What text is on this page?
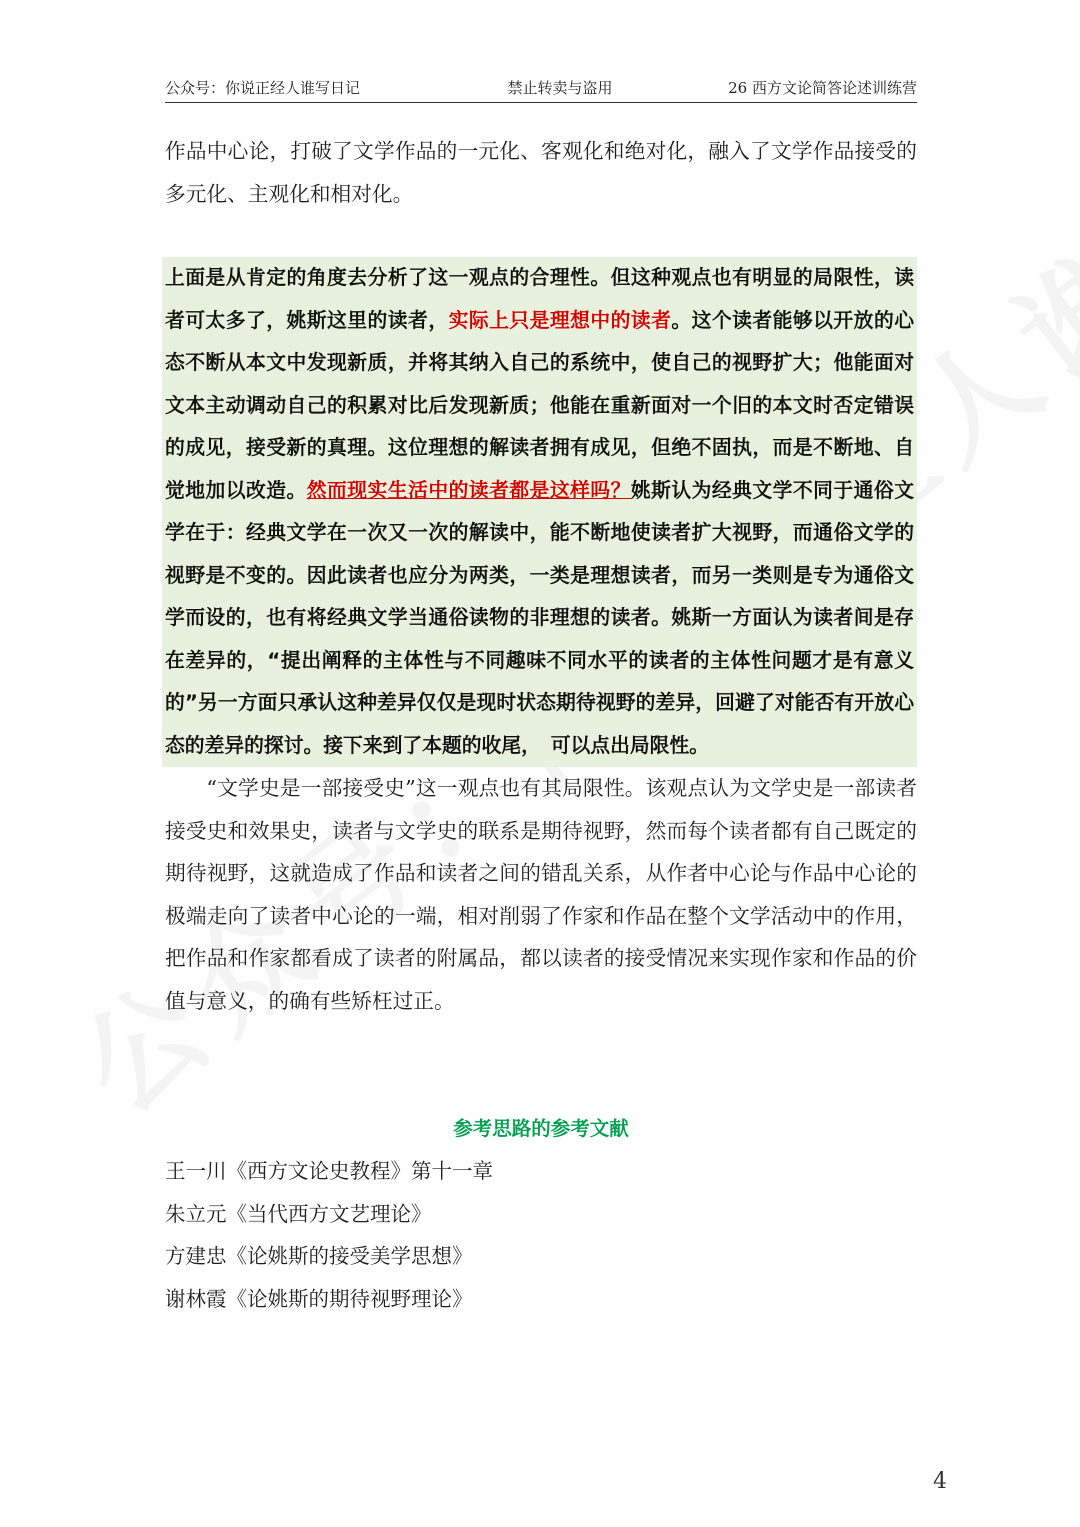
公众号：你说正经人谁写日记	禁止转卖与盗用	26 西方文论简答论述训练营

作品中心论，打破了文学作品的一元化、客观化和绝对化，融入了文学作品接受的多元化、主观化和相对化。

上面是从肯定的角度去分析了这一观点的合理性。但这种观点也有明显的局限性，读者可太多了，姚斯这里的读者，实际上只是理想中的读者。这个读者能够以开放的心态不断从本文中发现新质，并将其纳入自己的系统中，使自己的视野扩大；他能面对文本主动调动自己的积累对比后发现新质；他能在重新面对一个旧的本文时否定错误的成见，接受新的真理。这位理想的解读者拥有成见，但绝不固执，而是不断地、自觉地加以改造。然而现实生活中的读者都是这样吗？姚斯认为经典文学不同于通俗文学在于：经典文学在一次又一次的解读中，能不断地使读者扩大视野，而通俗文学的视野是不变的。因此读者也应分为两类，一类是理想读者，而另一类则是专为通俗文学而设的，也有将经典文学当通俗读物的非理想的读者。姚斯一方面认为读者间是存在差异的，“提出阐释的主体性与不同趣味不同水平的读者的主体性问题才是有意义的”另一方面只承认这种差异仅仅是现时状态期待视野的差异，回避了对能否有开放心态的差异的探讨。接下来到了本题的收尾，　可以点出局限性。

“文学史是一部接受史”这一观点也有其局限性。该观点认为文学史是一部读者接受史和效果史，读者与文学史的联系是期待视野，然而每个读者都有自己既定的期待视野，这就造成了作品和读者之间的错乱关系，从作者中心论与作品中心论的极端走向了读者中心论的一端，相对削弱了作家和作品在整个文学活动中的作用，把作品和作家都看成了读者的附属品，都以读者的接受情况来实现作家和作品的价值与意义，的确有些矫枉过正。

参考思路的参考文献

王一川《西方文论史教程》第十一章

朱立元《当代西方文艺理论》

方建忠《论姚斯的接受美学思想》

谢林霞《论姚斯的期待视野理论》

4
